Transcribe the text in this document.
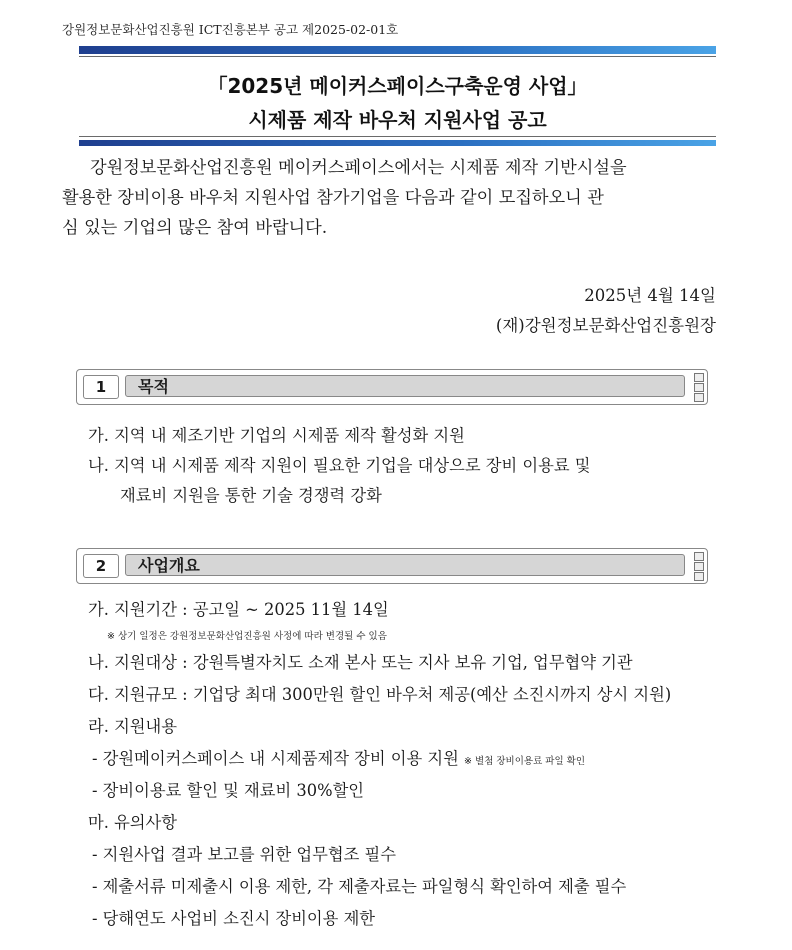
강원정보문화산업진흥원 ICT진흥본부 공고 제2025-02-01호
「2025년 메이커스페이스구축운영 사업」
시제품 제작 바우처 지원사업 공고
강원정보문화산업진흥원 메이커스페이스에서는 시제품 제작 기반시설을
활용한 장비이용 바우처 지원사업 참가기업을 다음과 같이 모집하오니 관
심 있는 기업의 많은 참여 바랍니다.
2025년 4월 14일
(재)강원정보문화산업진흥원장
1	목적
가. 지역 내 제조기반 기업의 시제품 제작 활성화 지원
나. 지역 내 시제품 제작 지원이 필요한 기업을 대상으로 장비 이용료 및
재료비 지원을 통한 기술 경쟁력 강화
2	사업개요
가. 지원기간 : 공고일 ~ 2025 11월 14일
※ 상기 일정은 강원정보문화산업진흥원 사정에 따라 변경될 수 있음
나. 지원대상 : 강원특별자치도 소재 본사 또는 지사 보유 기업, 업무협약 기관
다. 지원규모 : 기업당 최대 300만원 할인 바우처 제공(예산 소진시까지 상시 지원)
라. 지원내용
- 강원메이커스페이스 내 시제품제작 장비 이용 지원 ※ 별첨 장비이용료 파일 확인
- 장비이용료 할인 및 재료비 30%할인
마. 유의사항
- 지원사업 결과 보고를 위한 업무협조 필수
- 제출서류 미제출시 이용 제한, 각 제출자료는 파일형식 확인하여 제출 필수
- 당해연도 사업비 소진시 장비이용 제한
